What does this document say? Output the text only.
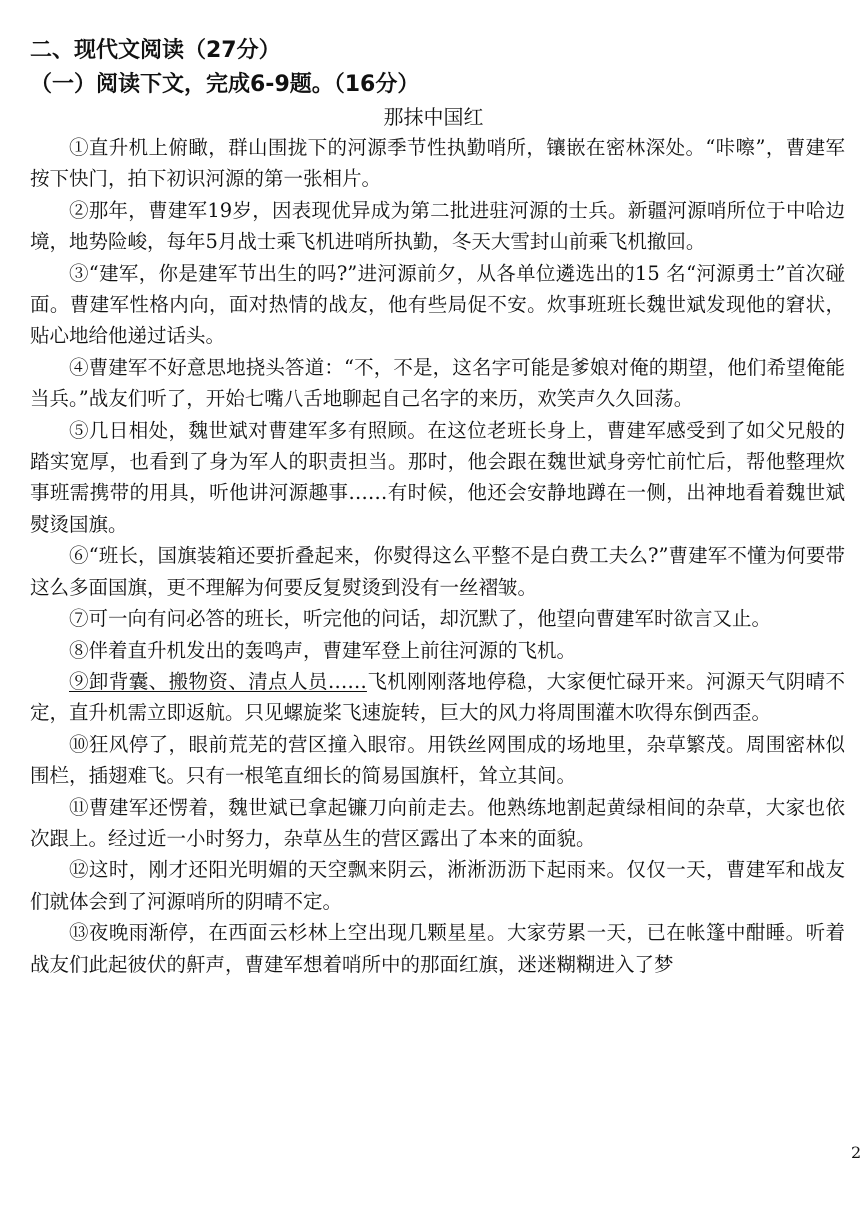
二、现代文阅读（27分）
（一）阅读下文，完成6-9题。（16分）
那抹中国红

①直升机上俯瞰，群山围拢下的河源季节性执勤哨所，镶嵌在密林深处。“咔嚓”，曹建军按下快门，拍下初识河源的第一张相片。

②那年，曹建军19岁，因表现优异成为第二批进驻河源的士兵。新疆河源哨所位于中哈边境，地势险峻，每年5月战士乘飞机进哨所执勤，冬天大雪封山前乘飞机撤回。

③“建军，你是建军节出生的吗?”进河源前夕，从各单位遴选出的15 名“河源勇士”首次碰面。曹建军性格内向，面对热情的战友，他有些局促不安。炊事班班长魏世斌发现他的窘状，贴心地给他递过话头。

④曹建军不好意思地挠头答道：“不，不是，这名字可能是爹娘对俺的期望，他们希望俺能当兵。”战友们听了，开始七嘴八舌地聊起自己名字的来历，欢笑声久久回荡。

⑤几日相处，魏世斌对曹建军多有照顾。在这位老班长身上，曹建军感受到了如父兄般的踏实宽厚，也看到了身为军人的职责担当。那时，他会跟在魏世斌身旁忙前忙后，帮他整理炊事班需携带的用具，听他讲河源趣事……有时候，他还会安静地蹲在一侧，出神地看着魏世斌熨烫国旗。

⑥“班长，国旗装箱还要折叠起来，你熨得这么平整不是白费工夫么?”曹建军不懂为何要带这么多面国旗，更不理解为何要反复熨烫到没有一丝褶皱。

⑦可一向有问必答的班长，听完他的问话，却沉默了，他望向曹建军时欲言又止。

⑧伴着直升机发出的轰鸣声，曹建军登上前往河源的飞机。

⑨卸背囊、搬物资、清点人员……飞机刚刚落地停稳，大家便忙碌开来。河源天气阴晴不定，直升机需立即返航。只见螺旋桨飞速旋转，巨大的风力将周围灌木吹得东倒西歪。

⑩狂风停了，眼前荒芜的营区撞入眼帘。用铁丝网围成的场地里，杂草繁茂。周围密林似围栏，插翅难飞。只有一根笔直细长的简易国旗杆，耸立其间。

⑪曹建军还愣着，魏世斌已拿起镰刀向前走去。他熟练地割起黄绿相间的杂草，大家也依次跟上。经过近一小时努力，杂草丛生的营区露出了本来的面貌。

⑫这时，刚才还阳光明媚的天空飘来阴云，淅淅沥沥下起雨来。仅仅一天，曹建军和战友们就体会到了河源哨所的阴晴不定。

⑬夜晚雨渐停，在西面云杉林上空出现几颗星星。大家劳累一天，已在帐篷中酣睡。听着战友们此起彼伏的鼾声，曹建军想着哨所中的那面红旗，迷迷糊糊进入了梦

2
